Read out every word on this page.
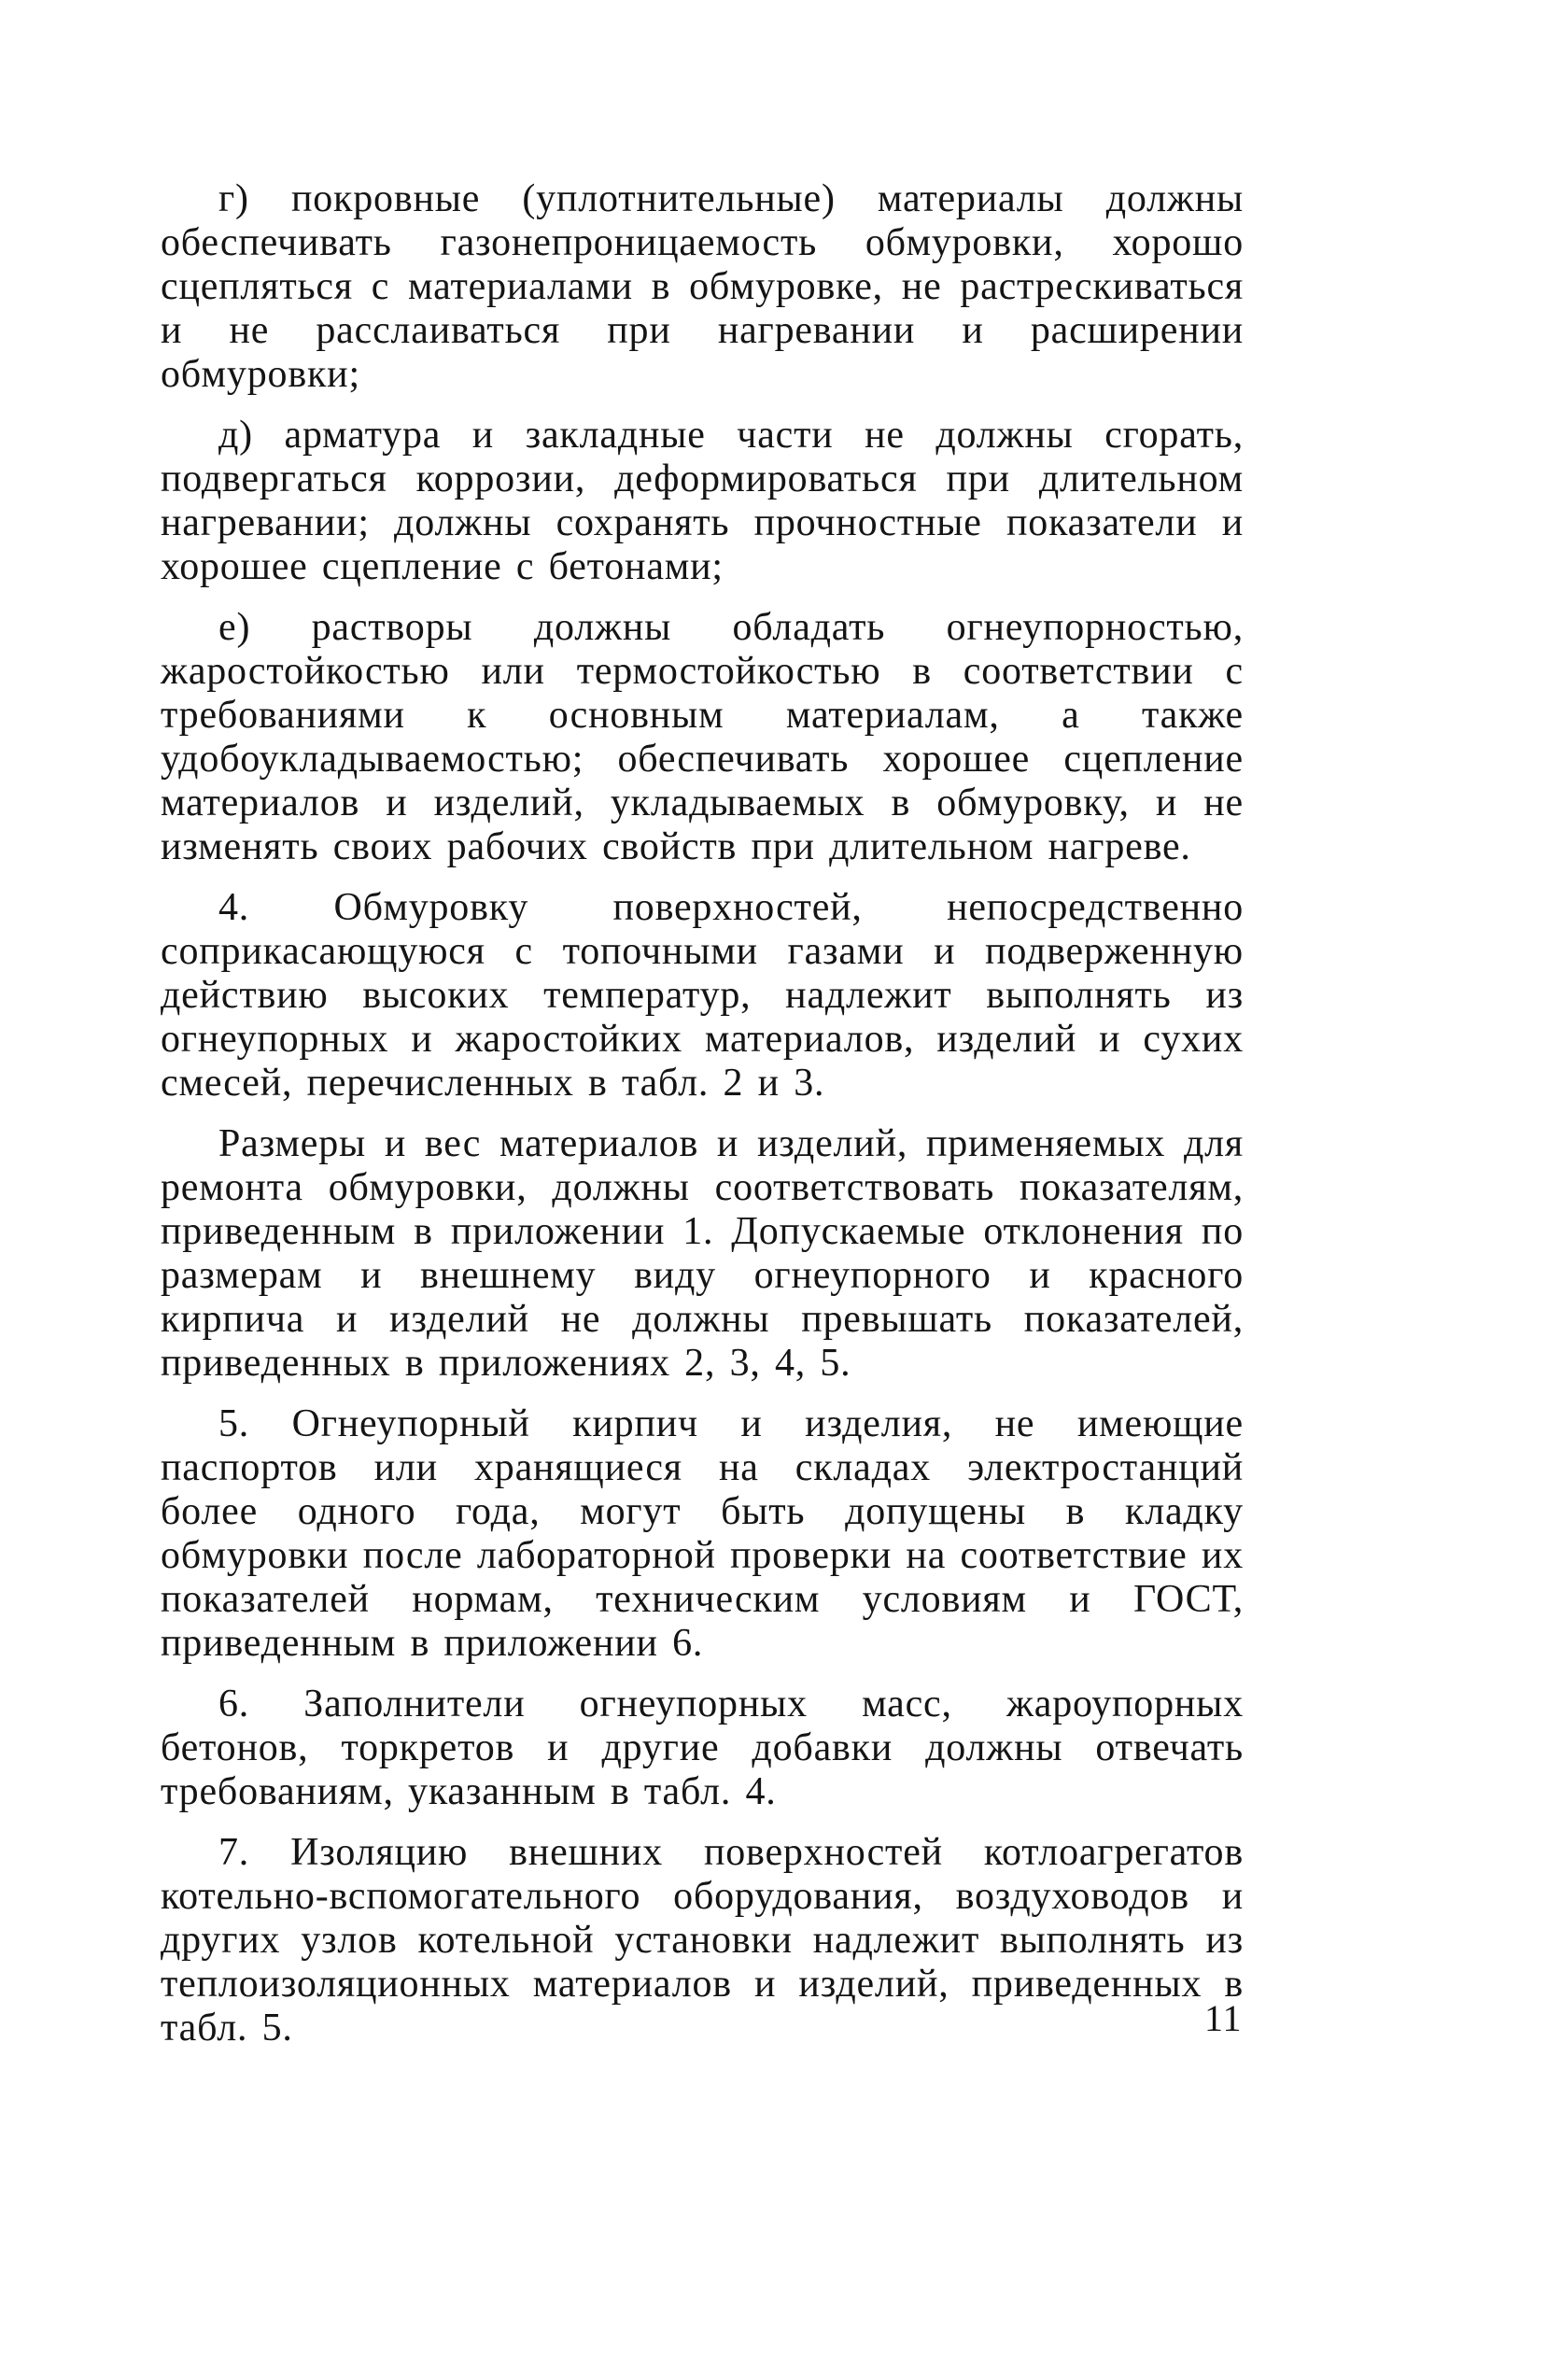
г) покровные (уплотнительные) материалы должны обеспечивать газонепроницаемость обмуровки, хорошо сцепляться с материалами в обмуровке, не растрескиваться и не расслаиваться при нагревании и расширении обмуровки;

д) арматура и закладные части не должны сгорать, подвергаться коррозии, деформироваться при длительном нагревании; должны сохранять прочностные показатели и хорошее сцепление с бетонами;

е) растворы должны обладать огнеупорностью, жаростойкостью или термостойкостью в соответствии с требованиями к основным материалам, а также удобоукладываемостью; обеспечивать хорошее сцепление материалов и изделий, укладываемых в обмуровку, и не изменять своих рабочих свойств при длительном нагреве.

4. Обмуровку поверхностей, непосредственно соприкасающуюся с топочными газами и подверженную действию высоких температур, надлежит выполнять из огнеупорных и жаростойких материалов, изделий и сухих смесей, перечисленных в табл. 2 и 3.

Размеры и вес материалов и изделий, применяемых для ремонта обмуровки, должны соответствовать показателям, приведенным в приложении 1. Допускаемые отклонения по размерам и внешнему виду огнеупорного и красного кирпича и изделий не должны превышать показателей, приведенных в приложениях 2, 3, 4, 5.

5. Огнеупорный кирпич и изделия, не имеющие паспортов или хранящиеся на складах электростанций более одного года, могут быть допущены в кладку обмуровки после лабораторной проверки на соответствие их показателей нормам, техническим условиям и ГОСТ, приведенным в приложении 6.

6. Заполнители огнеупорных масс, жароупорных бетонов, торкретов и другие добавки должны отвечать требованиям, указанным в табл. 4.

7. Изоляцию внешних поверхностей котлоагрегатов котельно-вспомогательного оборудования, воздуховодов и других узлов котельной установки надлежит выполнять из теплоизоляционных материалов и изделий, приведенных в табл. 5.	11
